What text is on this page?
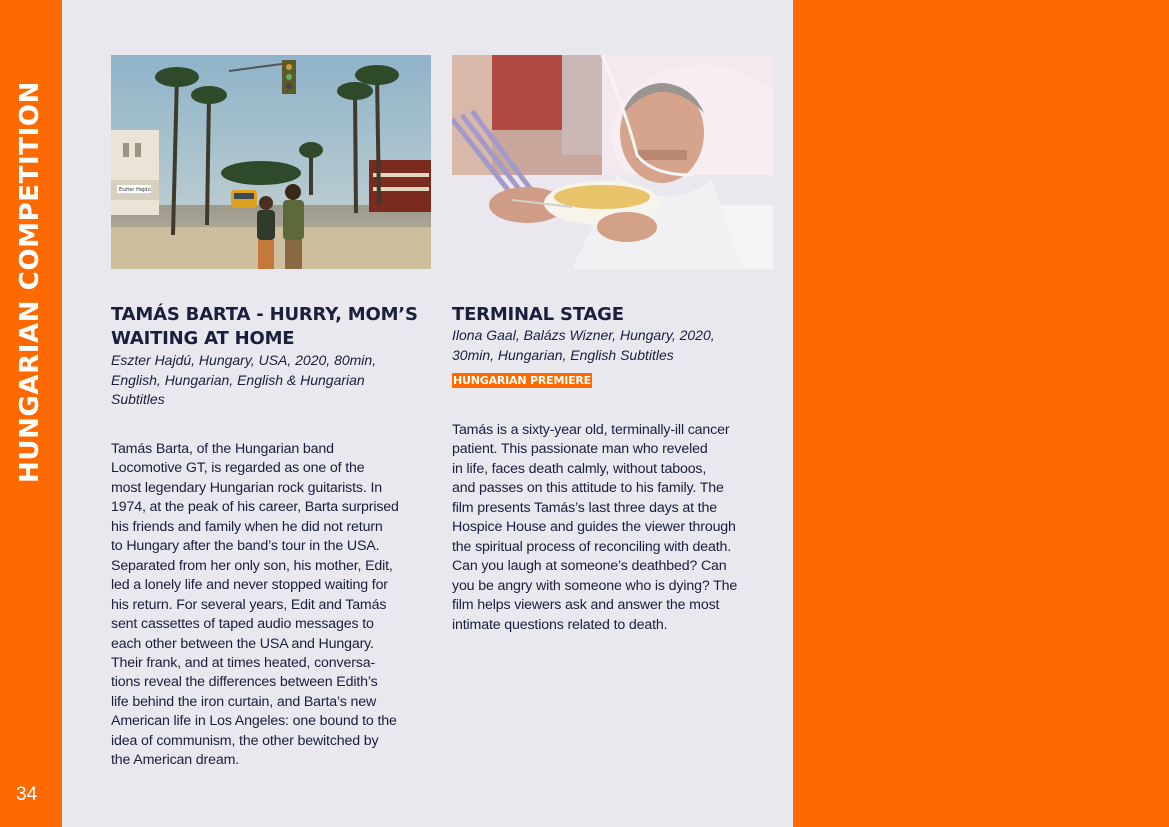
HUNGARIAN COMPETITION
34
Eszter Hajdú
TAMÁS BARTA - HURRY, MOM’S
WAITING AT HOME

Eszter Hajdú, Hungary, USA, 2020, 80min,
English, Hungarian, English & Hungarian
Subtitles

Tamás Barta, of the Hungarian band
Locomotive GT, is regarded as one of the
most legendary Hungarian rock guitarists. In
1974, at the peak of his career, Barta surprised
his friends and family when he did not return
to Hungary after the band’s tour in the USA.
Separated from her only son, his mother, Edit,
led a lonely life and never stopped waiting for
his return. For several years, Edit and Tamás
sent cassettes of taped audio messages to
each other between the USA and Hungary.
Their frank, and at times heated, conversa-
tions reveal the differences between Edith’s
life behind the iron curtain, and Barta’s new
American life in Los Angeles: one bound to the
idea of communism, the other bewitched by
the American dream.

TERMINAL STAGE

Ilona Gaal, Balázs Wizner, Hungary, 2020,
30min, Hungarian, English Subtitles

HUNGARIAN PREMIERE

Tamás is a sixty-year old, terminally-ill cancer
patient. This passionate man who reveled
in life, faces death calmly, without taboos,
and passes on this attitude to his family. The
film presents Tamás’s last three days at the
Hospice House and guides the viewer through
the spiritual process of reconciling with death.
Can you laugh at someone’s deathbed? Can
you be angry with someone who is dying? The
film helps viewers ask and answer the most
intimate questions related to death.
